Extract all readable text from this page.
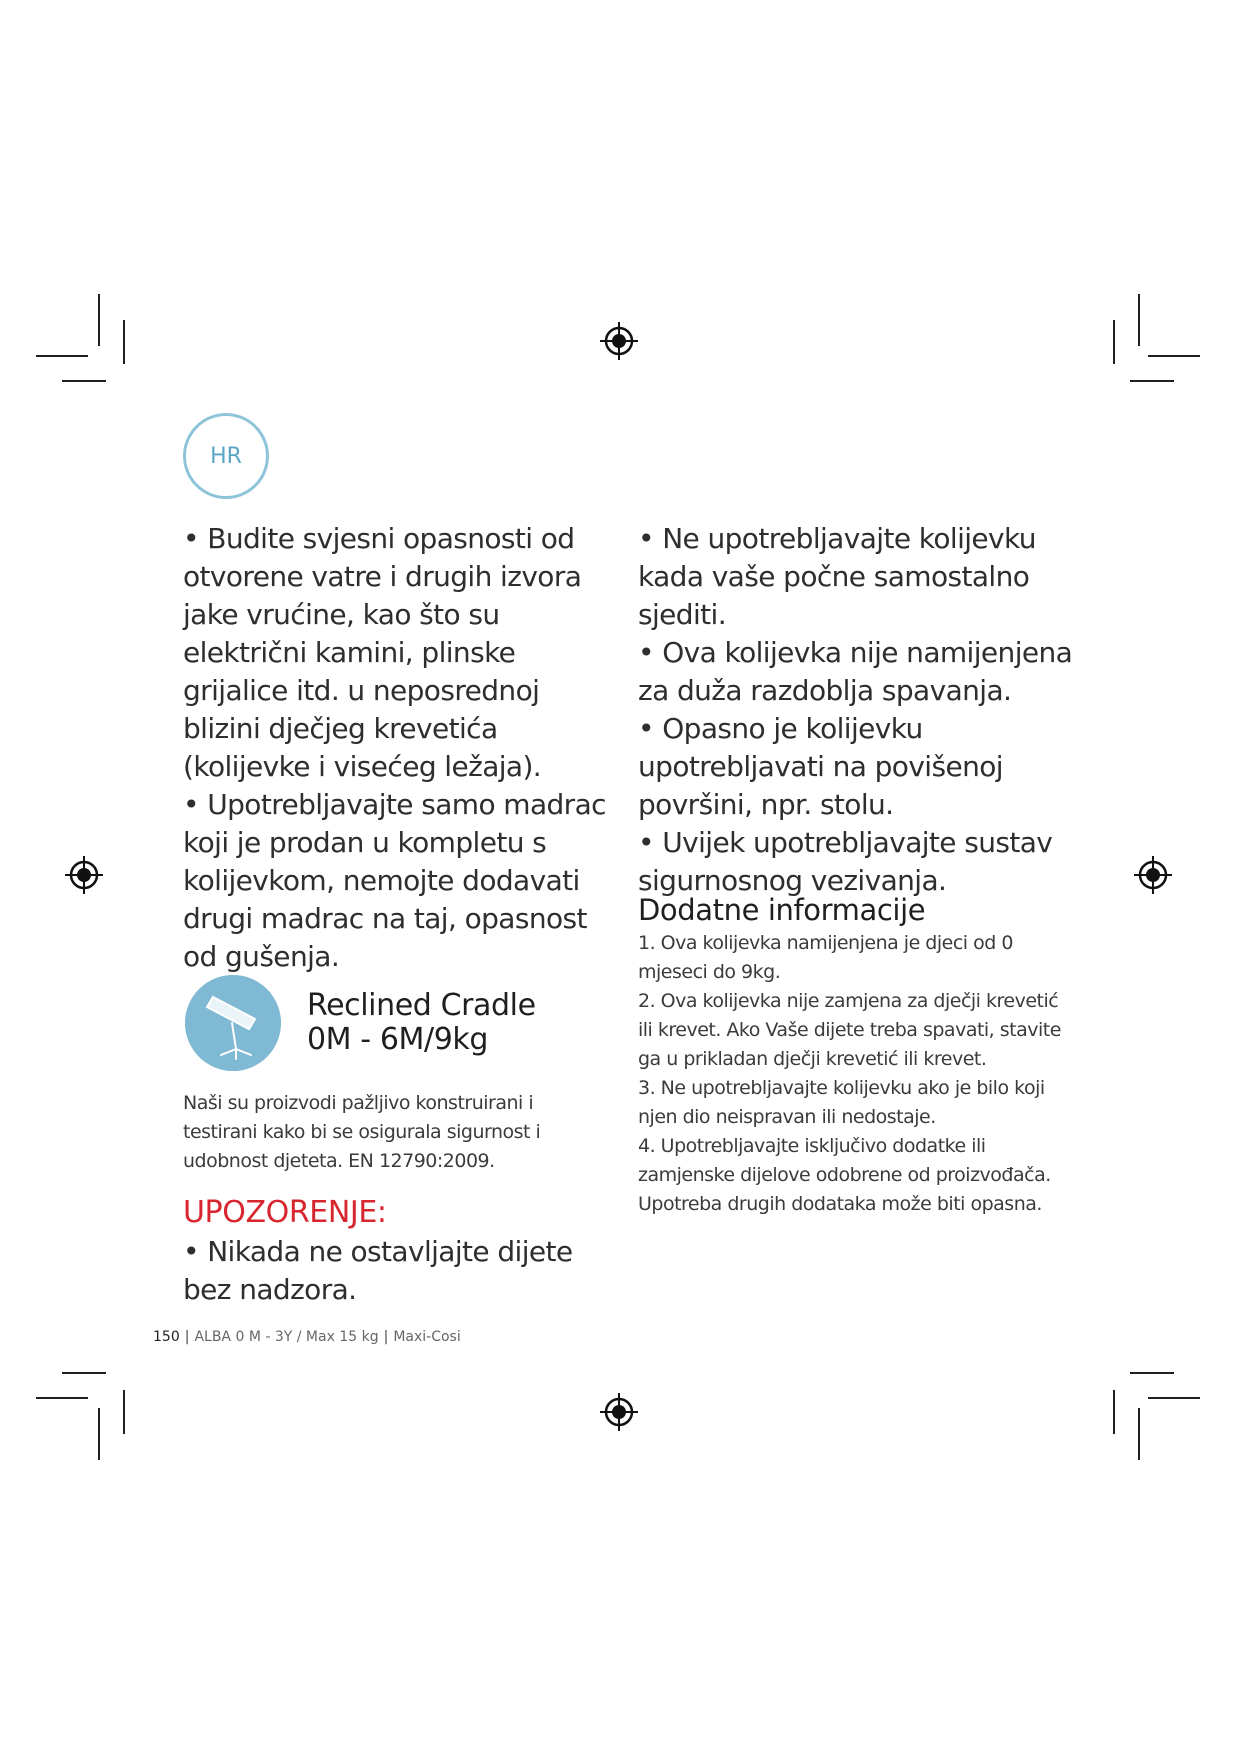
HR

• Budite svjesni opasnosti od otvorene vatre i drugih izvora jake vrućine, kao što su električni kamini, plinske grijalice itd. u neposrednoj blizini dječjeg krevetića (kolijevke i visećeg ležaja).

• Upotrebljavajte samo madrac koji je prodan u kompletu s kolijevkom, nemojte dodavati drugi madrac na taj, opasnost od gušenja.

Reclined Cradle
0M - 6M/9kg

Naši su proizvodi pažljivo konstruirani i testirani kako bi se osigurala sigurnost i udobnost djeteta. EN 12790:2009.

UPOZORENJE:

• Nikada ne ostavljajte dijete bez nadzora.

• Ne upotrebljavajte kolijevku kada vaše počne samostalno sjediti.

• Ova kolijevka nije namijenjena za duža razdoblja spavanja.

• Opasno je kolijevku upotrebljavati na povišenoj površini, npr. stolu.

• Uvijek upotrebljavajte sustav sigurnosnog vezivanja.

Dodatne informacije

1. Ova kolijevka namijenjena je djeci od 0 mjeseci do 9kg.

2. Ova kolijevka nije zamjena za dječji krevetić ili krevet. Ako Vaše dijete treba spavati, stavite ga u prikladan dječji krevetić ili krevet.

3. Ne upotrebljavajte kolijevku ako je bilo koji njen dio neispravan ili nedostaje.

4. Upotrebljavajte isključivo dodatke ili zamjenske dijelove odobrene od proizvođača. Upotreba drugih dodataka može biti opasna.

150 | ALBA 0 M - 3Y / Max 15 kg | Maxi-Cosi
